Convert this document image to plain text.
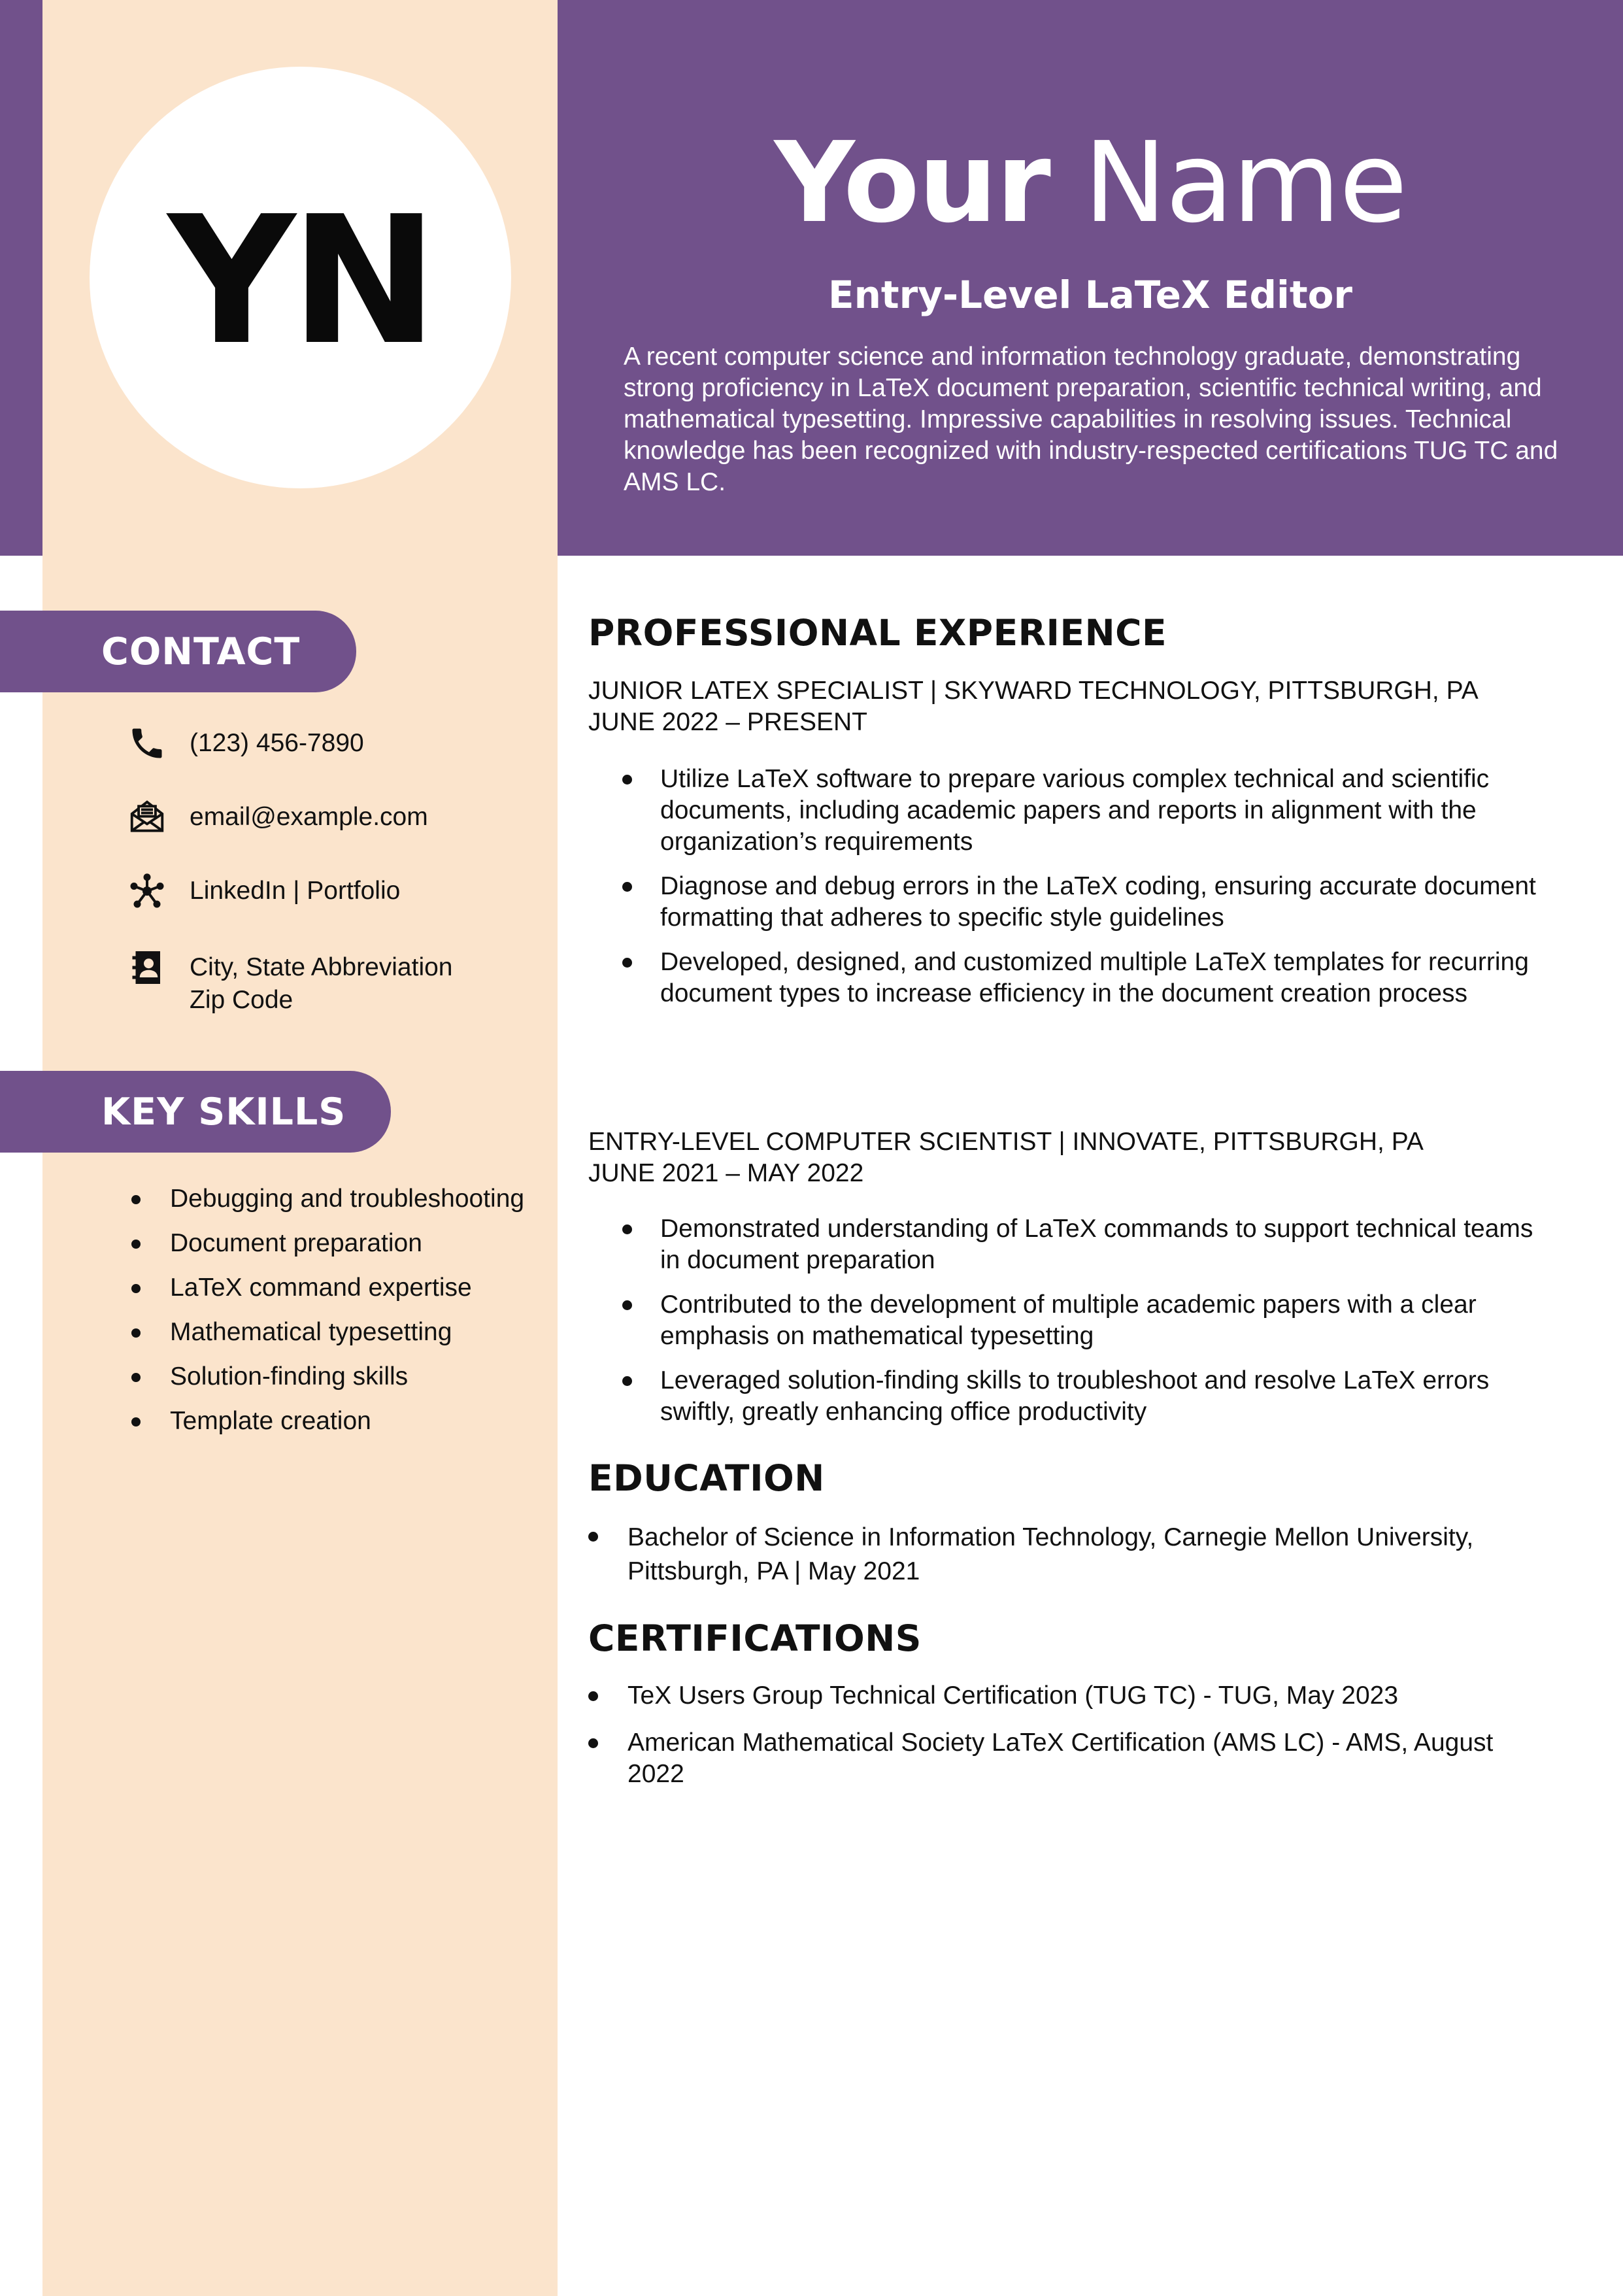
YN	Your Name
Entry-Level LaTeX Editor
A recent computer science and information technology graduate, demonstrating strong proficiency in LaTeX document preparation, scientific technical writing, and mathematical typesetting. Impressive capabilities in resolving issues. Technical knowledge has been recognized with industry-respected certifications TUG TC and AMS LC.
CONTACT
(123) 456-7890
email@example.com
LinkedIn | Portfolio
City, State Abbreviation
Zip Code
KEY SKILLS
Debugging and troubleshooting
Document preparation
LaTeX command expertise
Mathematical typesetting
Solution-finding skills
Template creation
PROFESSIONAL EXPERIENCE
JUNIOR LATEX SPECIALIST | SKYWARD TECHNOLOGY, PITTSBURGH, PA
JUNE 2022 – PRESENT
Utilize LaTeX software to prepare various complex technical and scientific documents, including academic papers and reports in alignment with the organization’s requirements
Diagnose and debug errors in the LaTeX coding, ensuring accurate document formatting that adheres to specific style guidelines
Developed, designed, and customized multiple LaTeX templates for recurring document types to increase efficiency in the document creation process
ENTRY-LEVEL COMPUTER SCIENTIST | INNOVATE, PITTSBURGH, PA
JUNE 2021 – MAY 2022
Demonstrated understanding of LaTeX commands to support technical teams in document preparation
Contributed to the development of multiple academic papers with a clear emphasis on mathematical typesetting
Leveraged solution-finding skills to troubleshoot and resolve LaTeX errors swiftly, greatly enhancing office productivity
EDUCATION
Bachelor of Science in Information Technology, Carnegie Mellon University, Pittsburgh, PA | May 2021
CERTIFICATIONS
TeX Users Group Technical Certification (TUG TC) - TUG, May 2023
American Mathematical Society LaTeX Certification (AMS LC) - AMS, August 2022
